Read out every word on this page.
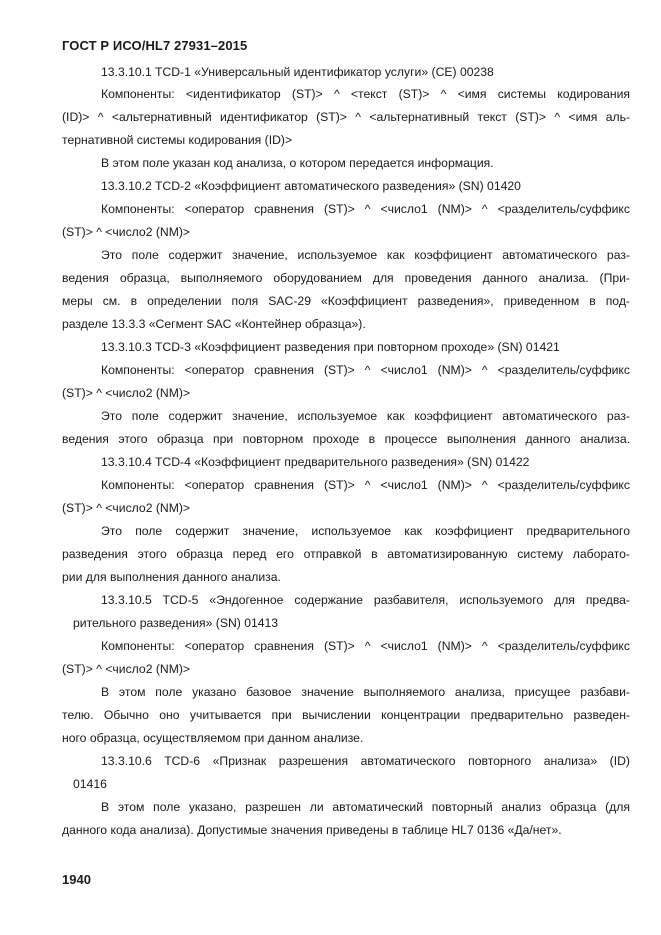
ГОСТ Р ИСО/HL7 27931–2015
13.3.10.1 TCD-1 «Универсальный идентификатор услуги» (CE) 00238
Компоненты: <идентификатор (ST)> ^ <текст (ST)> ^ <имя системы кодирования
(ID)> ^ <альтернативный идентификатор (ST)> ^ <альтернативный текст (ST)> ^ <имя аль-
тернативной системы кодирования (ID)>
В этом поле указан код анализа, о котором передается информация.
13.3.10.2 TCD-2 «Коэффициент автоматического разведения» (SN) 01420
Компоненты: <оператор сравнения (ST)> ^ <число1 (NM)> ^ <разделитель/суффикс
(ST)> ^ <число2 (NM)>
Это поле содержит значение, используемое как коэффициент автоматического раз-
ведения образца, выполняемого оборудованием для проведения данного анализа. (При-
меры см. в определении поля SAC-29 «Коэффициент разведения», приведенном в под-
разделе 13.3.3 «Сегмент SAC «Контейнер образца»).
13.3.10.3 TCD-3 «Коэффициент разведения при повторном проходе» (SN) 01421
Компоненты: <оператор сравнения (ST)> ^ <число1 (NM)> ^ <разделитель/суффикс
(ST)> ^ <число2 (NM)>
Это поле содержит значение, используемое как коэффициент автоматического раз-
ведения этого образца при повторном проходе в процессе выполнения данного анализа.
13.3.10.4 TCD-4 «Коэффициент предварительного разведения» (SN) 01422
Компоненты: <оператор сравнения (ST)> ^ <число1 (NM)> ^ <разделитель/суффикс
(ST)> ^ <число2 (NM)>
Это поле содержит значение, используемое как коэффициент предварительного
разведения этого образца перед его отправкой в автоматизированную систему лаборато-
рии для выполнения данного анализа.
13.3.10.5 TCD-5 «Эндогенное содержание разбавителя, используемого для предва-
рительного разведения» (SN) 01413
Компоненты: <оператор сравнения (ST)> ^ <число1 (NM)> ^ <разделитель/суффикс
(ST)> ^ <число2 (NM)>
В этом поле указано базовое значение выполняемого анализа, присущее разбави-
телю. Обычно оно учитывается при вычислении концентрации предварительно разведен-
ного образца, осуществляемом при данном анализе.
13.3.10.6 TCD-6 «Признак разрешения автоматического повторного анализа» (ID)
01416
В этом поле указано, разрешен ли автоматический повторный анализ образца (для
данного кода анализа). Допустимые значения приведены в таблице HL7 0136 «Да/нет».
1940
